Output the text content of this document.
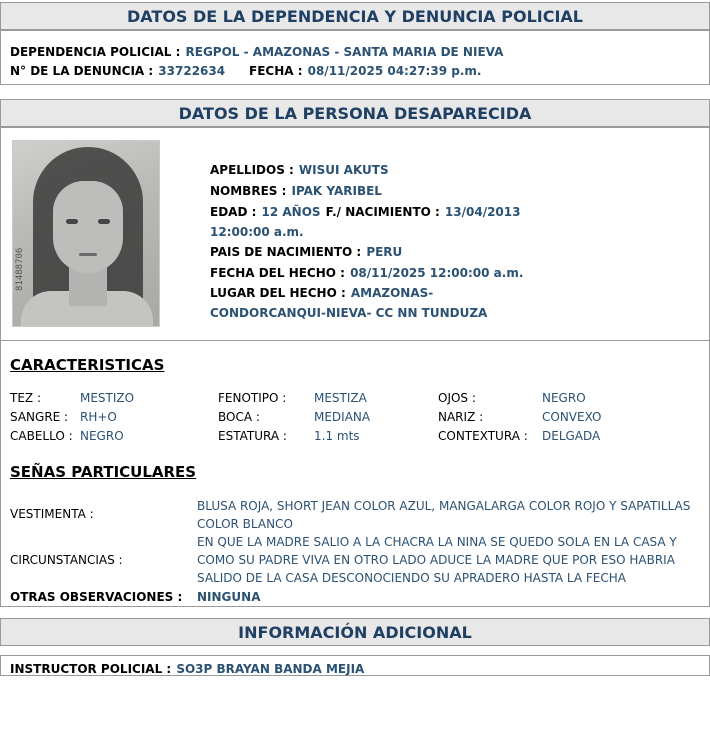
DATOS DE LA DEPENDENCIA Y DENUNCIA POLICIAL
DEPENDENCIA POLICIAL : REGPOL - AMAZONAS - SANTA MARIA DE NIEVA
N° DE LA DENUNCIA : 33722634 FECHA : 08/11/2025 04:27:39 p.m.
DATOS DE LA PERSONA DESAPARECIDA
81488706
APELLIDOS : WISUI AKUTS
NOMBRES : IPAK YARIBEL
EDAD : 12 AÑOS F./ NACIMIENTO : 13/04/2013
12:00:00 a.m.
PAIS DE NACIMIENTO : PERU
FECHA DEL HECHO : 08/11/2025 12:00:00 a.m.
LUGAR DEL HECHO : AMAZONAS-
CONDORCANQUI-NIEVA- CC NN TUNDUZA
CARACTERISTICAS
TEZ :	MESTIZO	FENOTIPO : MESTIZA	OJOS :	NEGRO
SANGRE : RH+O	BOCA :	MEDIANA	NARIZ :	CONVEXO
CABELLO : NEGRO	ESTATURA : 1.1 mts	CONTEXTURA : DELGADA
SEÑAS PARTICULARES
VESTIMENTA :
BLUSA ROJA, SHORT JEAN COLOR AZUL, MANGALARGA COLOR ROJO Y SAPATILLAS COLOR BLANCO
CIRCUNSTANCIAS :
EN QUE LA MADRE SALIO A LA CHACRA LA NINA SE QUEDO SOLA EN LA CASA Y COMO SU PADRE VIVA EN OTRO LADO ADUCE LA MADRE QUE POR ESO HABRIA SALIDO DE LA CASA DESCONOCIENDO SU APRADERO HASTA LA FECHA
OTRAS OBSERVACIONES : NINGUNA
INFORMACIÓN ADICIONAL
INSTRUCTOR POLICIAL : SO3P BRAYAN BANDA MEJIA
